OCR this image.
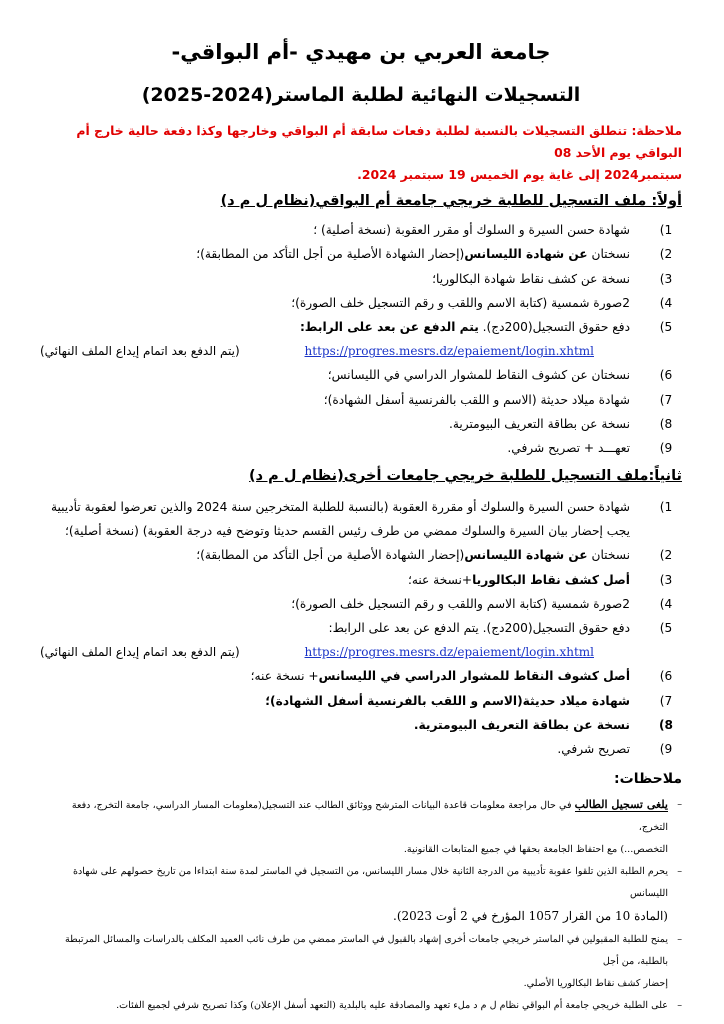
جامعة العربي بن مهيدي -أم البواقي-
التسجيلات النهائية لطلبة الماستر(2024-2025)
ملاحظة: تنطلق التسجيلات بالنسبة لطلبة دفعات سابقة أم البواقي وخارجها وكذا دفعة حالية خارج أم البواقي يوم الأحد 08
سبتمبر2024 إلى غاية يوم الخميس 19 سبتمبر 2024.
أولاً: ملف التسجيل للطلبة خريجي جامعة أم البواقي(نظام ل م د)
1)
شهادة حسن السيرة و السلوك أو مقرر العقوبة (نسخة أصلية) ؛
2)
نسختان عن شهادة الليسانس(إحضار الشهادة الأصلية من أجل التأكد من المطابقة)؛
3)
نسخة عن كشف نقاط شهادة البكالوريا؛
4)
2صورة شمسية (كتابة الاسم واللقب و رقم التسجيل خلف الصورة)؛
5)
دفع حقوق التسجيل(200دج). يتم الدفع عن بعد على الرابط:
https://progres.mesrs.dz/epaiement/login.xhtml
(يتم الدفع بعد اتمام إيداع الملف النهائي)
6)
نسختان عن كشوف النقاط للمشوار الدراسي في الليسانس؛
7)
شهادة ميلاد حديثة (الاسم و اللقب بالفرنسية أسفل الشهادة)؛
8)
نسخة عن بطاقة التعريف البيومترية.
9)
تعهـــد + تصريح شرفي.
ثانياً:ملف التسجيل للطلبة خريجي جامعات أخرى(نظام ل م د)
1)
شهادة حسن السيرة والسلوك أو مقررة العقوبة (بالنسبة للطلبة المتخرجين سنة 2024 والذين تعرضوا لعقوبة تأديبية
يجب إحضار بيان السيرة والسلوك ممضي من طرف رئيس القسم حديثا وتوضح فيه درجة العقوبة) (نسخة أصلية)؛
2)
نسختان عن شهادة الليسانس(إحضار الشهادة الأصلية من أجل التأكد من المطابقة)؛
3)
أصل كشف نقاط البكالوريا+نسخة عنه؛
4)
2صورة شمسية (كتابة الاسم واللقب و رقم التسجيل خلف الصورة)؛
5)
دفع حقوق التسجيل(200دج). يتم الدفع عن بعد على الرابط:
https://progres.mesrs.dz/epaiement/login.xhtml
(يتم الدفع بعد اتمام إيداع الملف النهائي)
6)
أصل كشوف النقاط للمشوار الدراسي في الليسانس+ نسخة عنه؛
7)
شهادة ميلاد حديثة(الاسم و اللقب بالفرنسية أسفل الشهادة)؛
8)
نسخة عن بطاقة التعريف البيومترية.
9)
تصريح شرفي.
ملاحظات:
– يلغى تسجيل الطالب في حال مراجعة معلومات قاعدة البيانات المترشح ووثائق الطالب عند التسجيل(معلومات المسار الدراسي، جامعة التخرج، دفعة التخرج،
التخصص...) مع احتفاظ الجامعة بحقها في جميع المتابعات القانونية.
– يحرم الطلبة الذين تلقوا عقوبة تأديبية من الدرجة الثانية خلال مسار الليسانس، من التسجيل في الماستر لمدة سنة ابتداءا من تاريخ حصولهم على شهادة الليسانس
(المادة 10 من القرار 1057 المؤرخ في 2 أوت 2023).
– يمنح للطلبة المقبولين في الماستر خريجي جامعات أخرى إشهاد بالقبول في الماستر ممضي من طرف نائب العميد المكلف بالدراسات والمسائل المرتبطة بالطلبة، من أجل
إحضار كشف نقاط البكالوريا الأصلي.
– على الطلبة خريجي جامعة أم البواقي نظام ل م د ملء تعهد والمصادقة عليه بالبلدية (التعهد أسفل الإعلان) وكذا تصريح شرفي لجميع الفئات.
